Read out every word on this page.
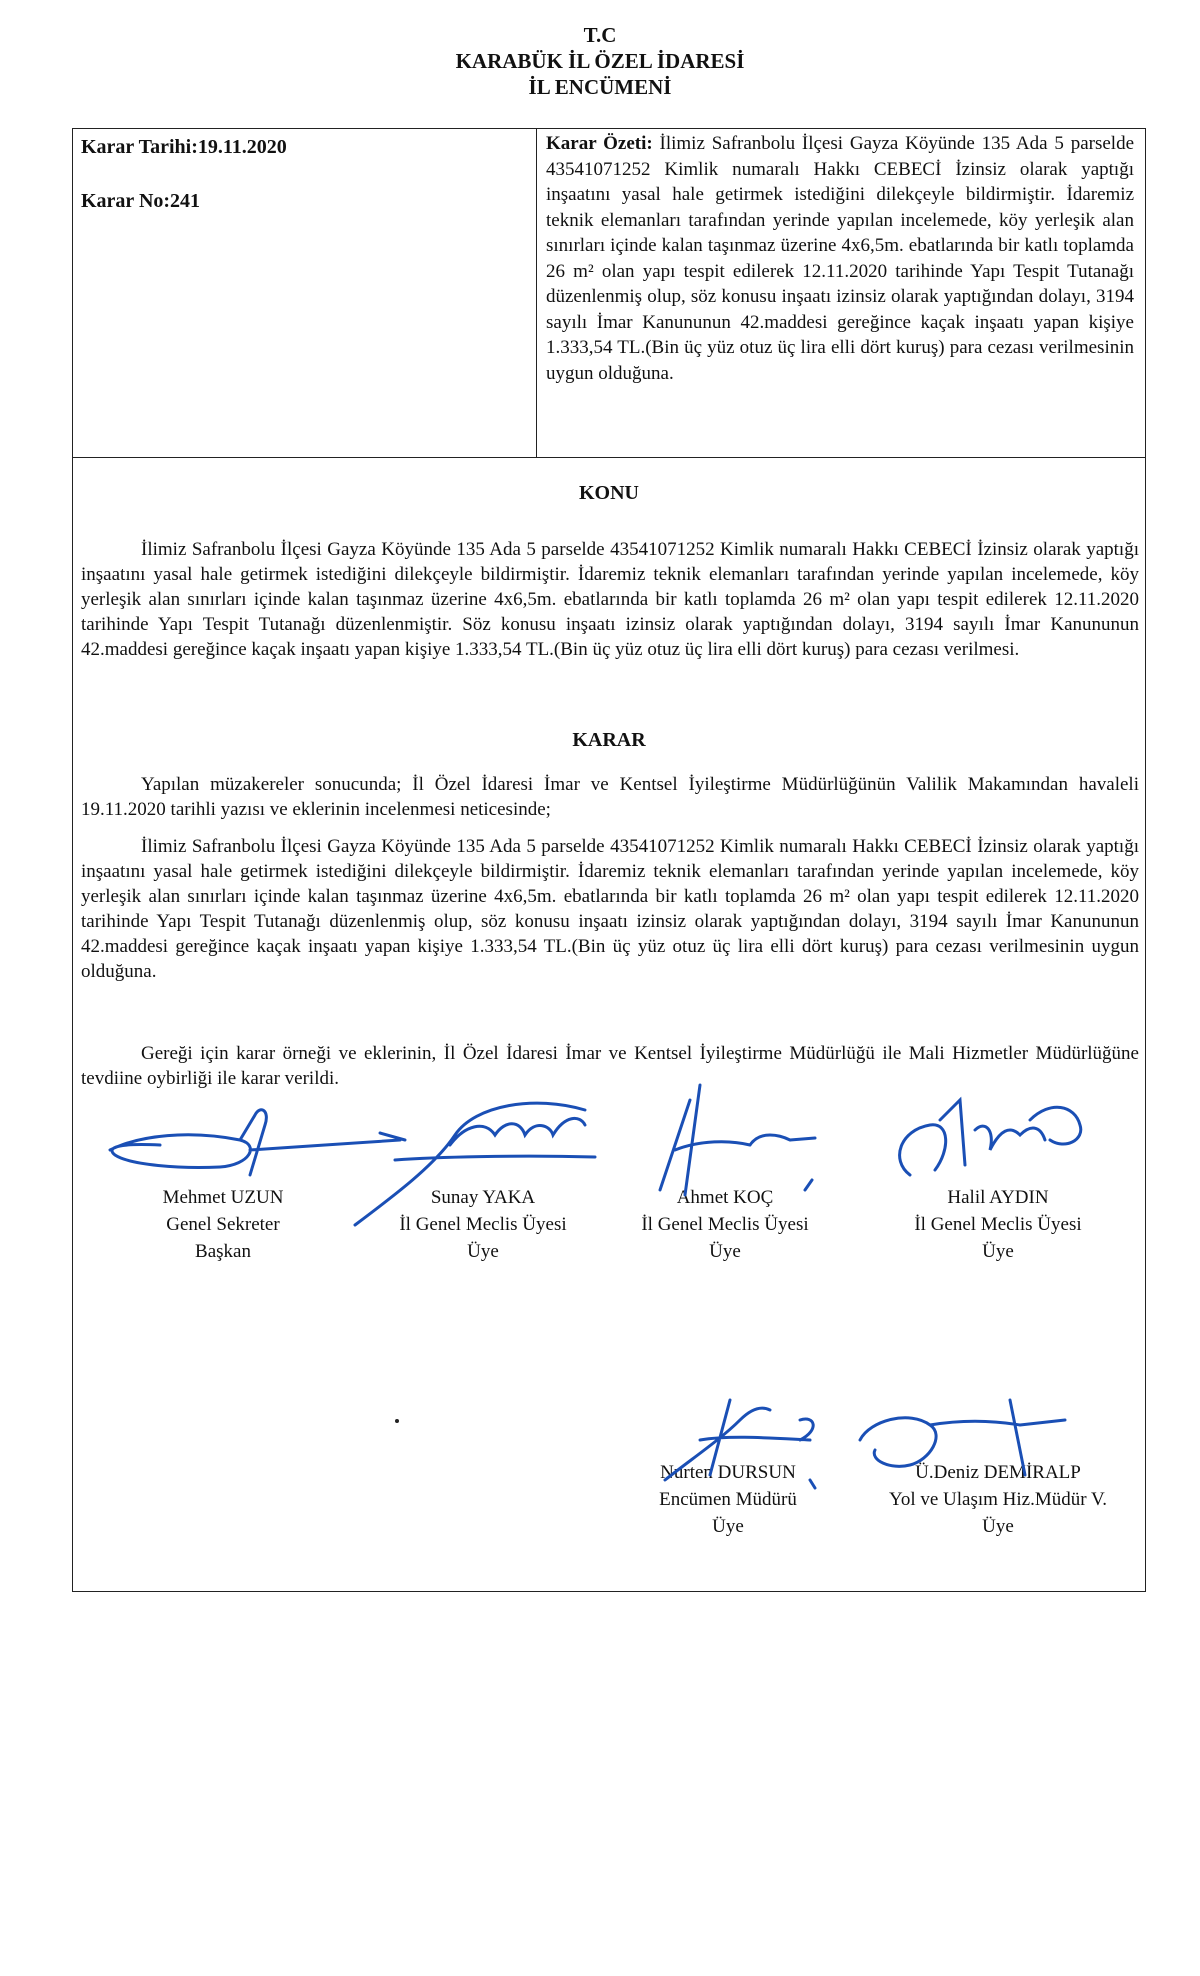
T.C
KARABÜK İL ÖZEL İDARESİ
İL ENCÜMENİ
Karar Tarihi:19.11.2020
Karar No:241
Karar Özeti: İlimiz Safranbolu İlçesi Gayza Köyünde 135 Ada 5 parselde 43541071252 Kimlik numaralı Hakkı CEBECİ İzinsiz olarak yaptığı inşaatını yasal hale getirmek istediğini dilekçeyle bildirmiştir. İdaremiz teknik elemanları tarafından yerinde yapılan incelemede, köy yerleşik alan sınırları içinde kalan taşınmaz üzerine 4x6,5m. ebatlarında bir katlı toplamda 26 m² olan yapı tespit edilerek 12.11.2020 tarihinde Yapı Tespit Tutanağı düzenlenmiş olup, söz konusu inşaatı izinsiz olarak yaptığından dolayı, 3194 sayılı İmar Kanununun 42.maddesi gereğince kaçak inşaatı yapan kişiye 1.333,54 TL.(Bin üç yüz otuz üç lira elli dört kuruş) para cezası verilmesinin uygun olduğuna.
KONU
İlimiz Safranbolu İlçesi Gayza Köyünde 135 Ada 5 parselde 43541071252 Kimlik numaralı Hakkı CEBECİ İzinsiz olarak yaptığı inşaatını yasal hale getirmek istediğini dilekçeyle bildirmiştir. İdaremiz teknik elemanları tarafından yerinde yapılan incelemede, köy yerleşik alan sınırları içinde kalan taşınmaz üzerine 4x6,5m. ebatlarında bir katlı toplamda 26 m² olan yapı tespit edilerek 12.11.2020 tarihinde Yapı Tespit Tutanağı düzenlenmiştir. Söz konusu inşaatı izinsiz olarak yaptığından dolayı, 3194 sayılı İmar Kanununun 42.maddesi gereğince kaçak inşaatı yapan kişiye 1.333,54 TL.(Bin üç yüz otuz üç lira elli dört kuruş) para cezası verilmesi.
KARAR
Yapılan müzakereler sonucunda; İl Özel İdaresi İmar ve Kentsel İyileştirme Müdürlüğünün Valilik Makamından havaleli 19.11.2020 tarihli yazısı ve eklerinin incelenmesi neticesinde;
İlimiz Safranbolu İlçesi Gayza Köyünde 135 Ada 5 parselde 43541071252 Kimlik numaralı Hakkı CEBECİ İzinsiz olarak yaptığı inşaatını yasal hale getirmek istediğini dilekçeyle bildirmiştir. İdaremiz teknik elemanları tarafından yerinde yapılan incelemede, köy yerleşik alan sınırları içinde kalan taşınmaz üzerine 4x6,5m. ebatlarında bir katlı toplamda 26 m² olan yapı tespit edilerek 12.11.2020 tarihinde Yapı Tespit Tutanağı düzenlenmiş olup, söz konusu inşaatı izinsiz olarak yaptığından dolayı, 3194 sayılı İmar Kanununun 42.maddesi gereğince kaçak inşaatı yapan kişiye 1.333,54 TL.(Bin üç yüz otuz üç lira elli dört kuruş) para cezası verilmesinin uygun olduğuna.
Gereği için karar örneği ve eklerinin, İl Özel İdaresi İmar ve Kentsel İyileştirme Müdürlüğü ile Mali Hizmetler Müdürlüğüne tevdiine oybirliği ile karar verildi.
Mehmet UZUN
Genel Sekreter
Başkan
Sunay YAKA
İl Genel Meclis Üyesi
Üye
Ahmet KOÇ
İl Genel Meclis Üyesi
Üye
Halil AYDIN
İl Genel Meclis Üyesi
Üye
Nurten DURSUN
Encümen Müdürü
Üye
Ü.Deniz DEMİRALP
Yol ve Ulaşım Hiz.Müdür V.
Üye
